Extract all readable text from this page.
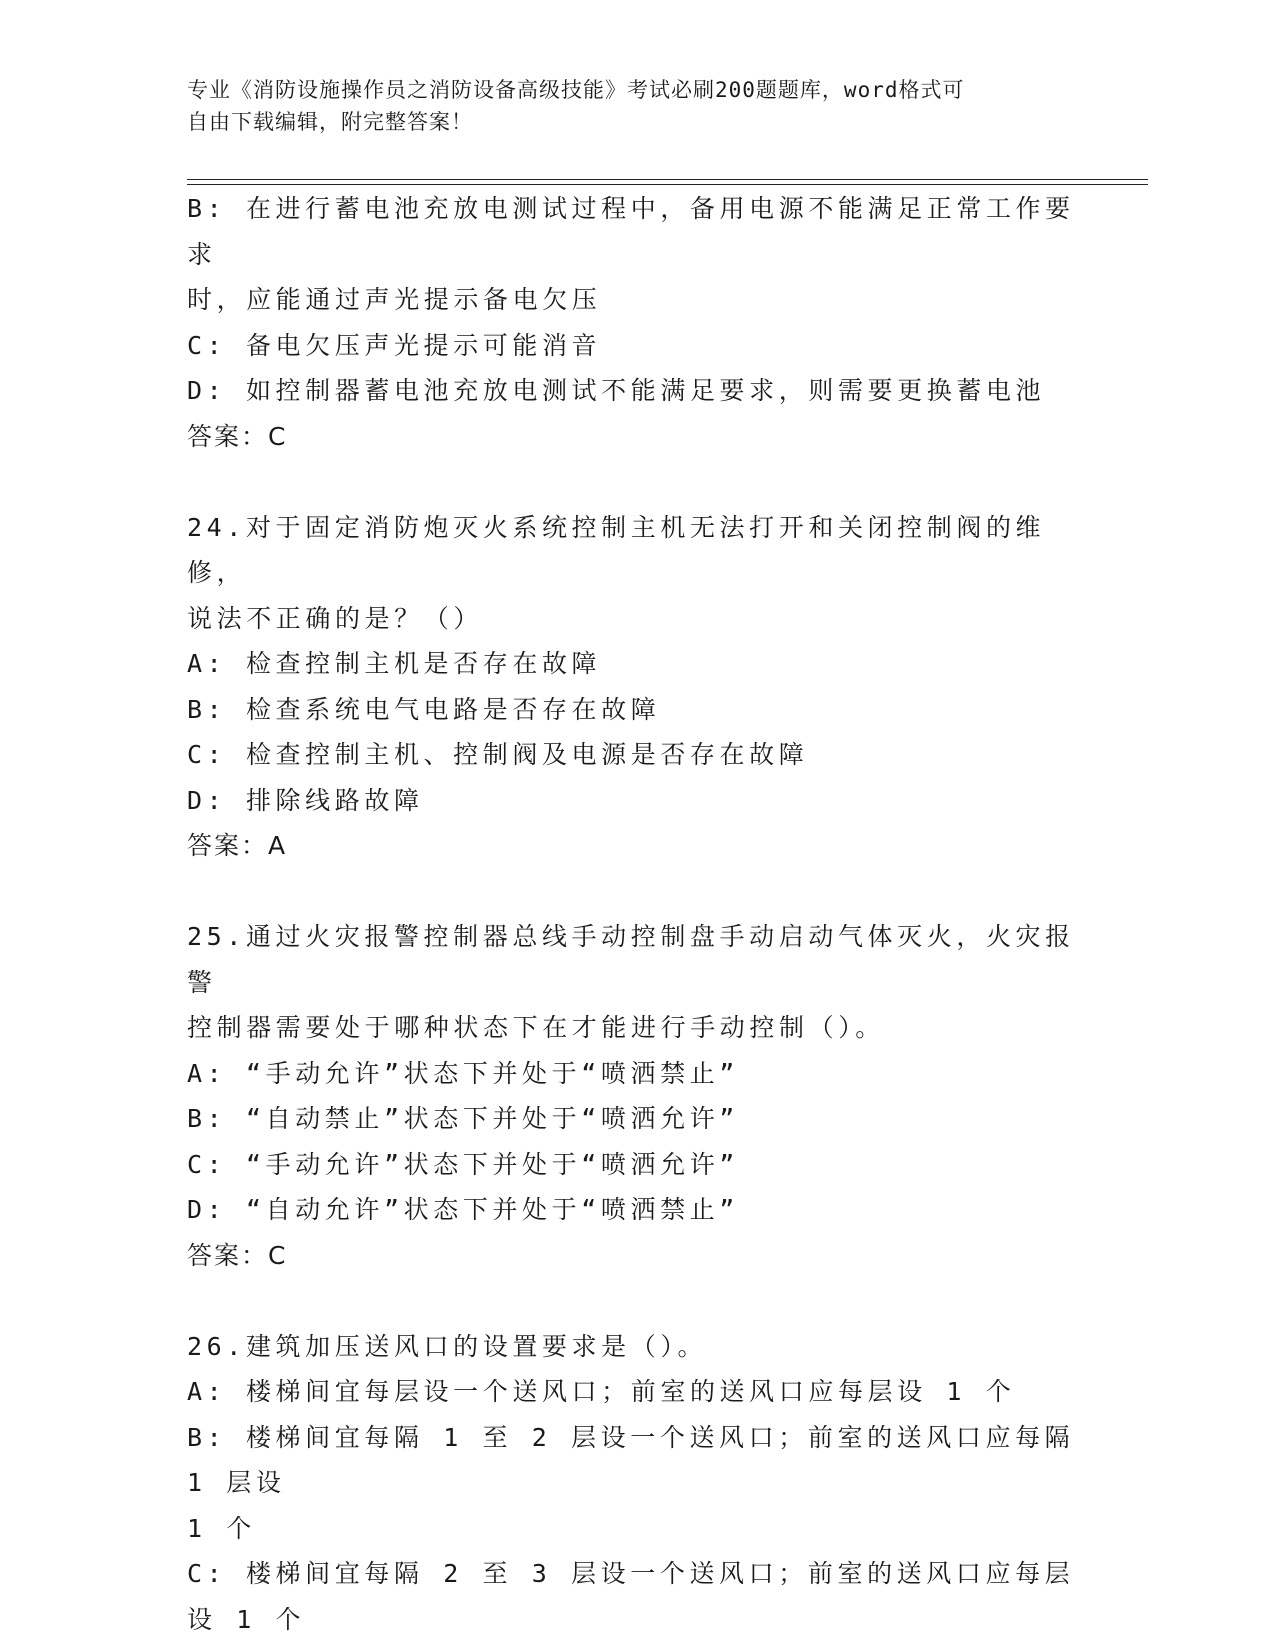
专业《消防设施操作员之消防设备高级技能》考试必刷200题题库，word格式可
自由下载编辑，附完整答案！
B: 在进行蓄电池充放电测试过程中，备用电源不能满足正常工作要求
时，应能通过声光提示备电欠压
C: 备电欠压声光提示可能消音
D: 如控制器蓄电池充放电测试不能满足要求，则需要更换蓄电池
答案：C
24.对于固定消防炮灭火系统控制主机无法打开和关闭控制阀的维修，
说法不正确的是？（）
A: 检查控制主机是否存在故障
B: 检查系统电气电路是否存在故障
C: 检查控制主机、控制阀及电源是否存在故障
D: 排除线路故障
答案：A
25.通过火灾报警控制器总线手动控制盘手动启动气体灭火，火灾报警
控制器需要处于哪种状态下在才能进行手动控制（）。
A: “手动允许”状态下并处于“喷洒禁止”
B: “自动禁止”状态下并处于“喷洒允许”
C: “手动允许”状态下并处于“喷洒允许”
D: “自动允许”状态下并处于“喷洒禁止”
答案：C
26.建筑加压送风口的设置要求是（）。
A: 楼梯间宜每层设一个送风口；前室的送风口应每层设 1 个
B: 楼梯间宜每隔 1 至 2 层设一个送风口；前室的送风口应每隔 1 层设
1 个
C: 楼梯间宜每隔 2 至 3 层设一个送风口；前室的送风口应每层设 1 个
